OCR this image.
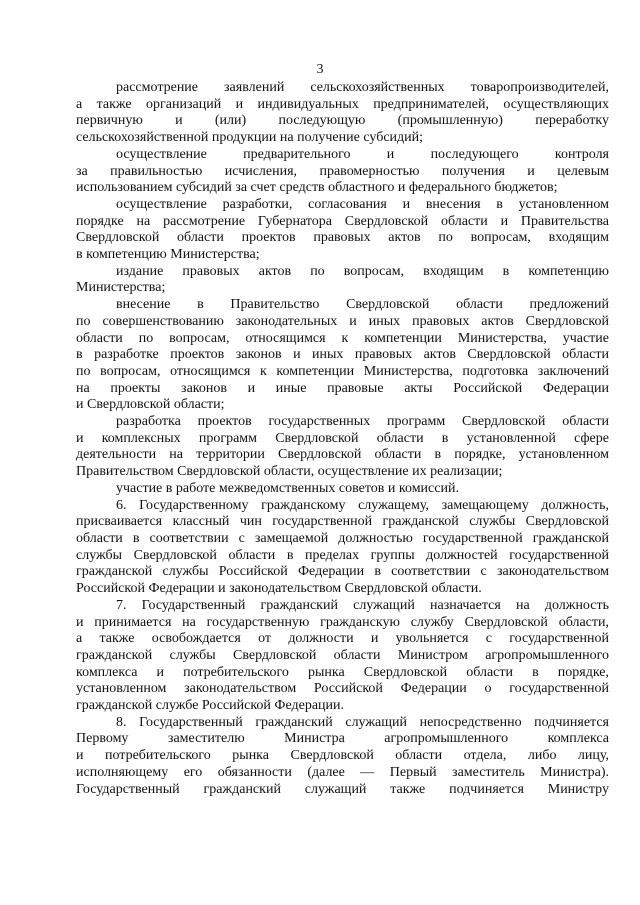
3
рассмотрение заявлений сельскохозяйственных товаропроизводителей,
а также организаций и индивидуальных предпринимателей, осуществляющих
первичную и (или) последующую (промышленную) переработку
сельскохозяйственной продукции на получение субсидий;
осуществление предварительного и последующего контроля
за правильностью исчисления, правомерностью получения и целевым
использованием субсидий за счет средств областного и федерального бюджетов;
осуществление разработки, согласования и внесения в установленном
порядке на рассмотрение Губернатора Свердловской области и Правительства
Свердловской области проектов правовых актов по вопросам, входящим
в компетенцию Министерства;
издание правовых актов по вопросам, входящим в компетенцию
Министерства;
внесение в Правительство Свердловской области предложений
по совершенствованию законодательных и иных правовых актов Свердловской
области по вопросам, относящимся к компетенции Министерства, участие
в разработке проектов законов и иных правовых актов Свердловской области
по вопросам, относящимся к компетенции Министерства, подготовка заключений
на проекты законов и иные правовые акты Российской Федерации
и Свердловской области;
разработка проектов государственных программ Свердловской области
и комплексных программ Свердловской области в установленной сфере
деятельности на территории Свердловской области в порядке, установленном
Правительством Свердловской области, осуществление их реализации;
участие в работе межведомственных советов и комиссий.
6. Государственному гражданскому служащему, замещающему должность,
присваивается классный чин государственной гражданской службы Свердловской
области в соответствии с замещаемой должностью государственной гражданской
службы Свердловской области в пределах группы должностей государственной
гражданской службы Российской Федерации в соответствии с законодательством
Российской Федерации и законодательством Свердловской области.
7. Государственный гражданский служащий назначается на должность
и принимается на государственную гражданскую службу Свердловской области,
а также освобождается от должности и увольняется с государственной
гражданской службы Свердловской области Министром агропромышленного
комплекса и потребительского рынка Свердловской области в порядке,
установленном законодательством Российской Федерации о государственной
гражданской службе Российской Федерации.
8. Государственный гражданский служащий непосредственно подчиняется
Первому заместителю Министра агропромышленного комплекса
и потребительского рынка Свердловской области отдела, либо лицу,
исполняющему его обязанности (далее — Первый заместитель Министра).
Государственный гражданский служащий также подчиняется Министру
